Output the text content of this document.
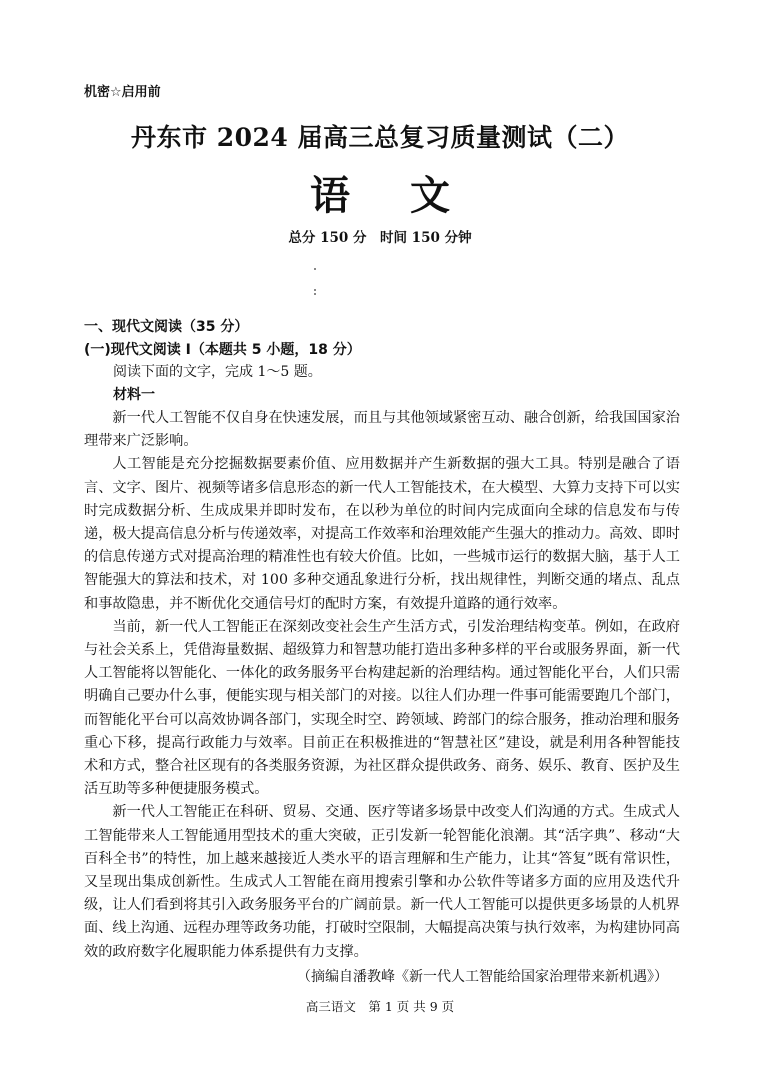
机密☆启用前
丹东市 2024 届高三总复习质量测试（二）
语文
总分 150 分　时间 150 分钟
一、现代文阅读（35 分）
(一)现代文阅读 I（本题共 5 小题，18 分）
阅读下面的文字，完成 1～5 题。
材料一

新一代人工智能不仅自身在快速发展，而且与其他领域紧密互动、融合创新，给我国国家治理带来广泛影响。

人工智能是充分挖掘数据要素价值、应用数据并产生新数据的强大工具。特别是融合了语言、文字、图片、视频等诸多信息形态的新一代人工智能技术，在大模型、大算力支持下可以实时完成数据分析、生成成果并即时发布，在以秒为单位的时间内完成面向全球的信息发布与传递，极大提高信息分析与传递效率，对提高工作效率和治理效能产生强大的推动力。高效、即时的信息传递方式对提高治理的精准性也有较大价值。比如，一些城市运行的数据大脑，基于人工智能强大的算法和技术，对 100 多种交通乱象进行分析，找出规律性，判断交通的堵点、乱点和事故隐患，并不断优化交通信号灯的配时方案，有效提升道路的通行效率。

当前，新一代人工智能正在深刻改变社会生产生活方式，引发治理结构变革。例如，在政府与社会关系上，凭借海量数据、超级算力和智慧功能打造出多种多样的平台或服务界面，新一代人工智能将以智能化、一体化的政务服务平台构建起新的治理结构。通过智能化平台，人们只需明确自己要办什么事，便能实现与相关部门的对接。以往人们办理一件事可能需要跑几个部门，而智能化平台可以高效协调各部门，实现全时空、跨领域、跨部门的综合服务，推动治理和服务重心下移，提高行政能力与效率。目前正在积极推进的“智慧社区”建设，就是利用各种智能技术和方式，整合社区现有的各类服务资源，为社区群众提供政务、商务、娱乐、教育、医护及生活互助等多种便捷服务模式。

新一代人工智能正在科研、贸易、交通、医疗等诸多场景中改变人们沟通的方式。生成式人工智能带来人工智能通用型技术的重大突破，正引发新一轮智能化浪潮。其“活字典”、移动“大百科全书”的特性，加上越来越接近人类水平的语言理解和生产能力，让其“答复”既有常识性，又呈现出集成创新性。生成式人工智能在商用搜索引擎和办公软件等诸多方面的应用及迭代升级，让人们看到将其引入政务服务平台的广阔前景。新一代人工智能可以提供更多场景的人机界面、线上沟通、远程办理等政务功能，打破时空限制，大幅提高决策与执行效率，为构建协同高效的政府数字化履职能力体系提供有力支撑。

（摘编自潘教峰《新一代人工智能给国家治理带来新机遇》）
高三语文　第 1 页 共 9 页
